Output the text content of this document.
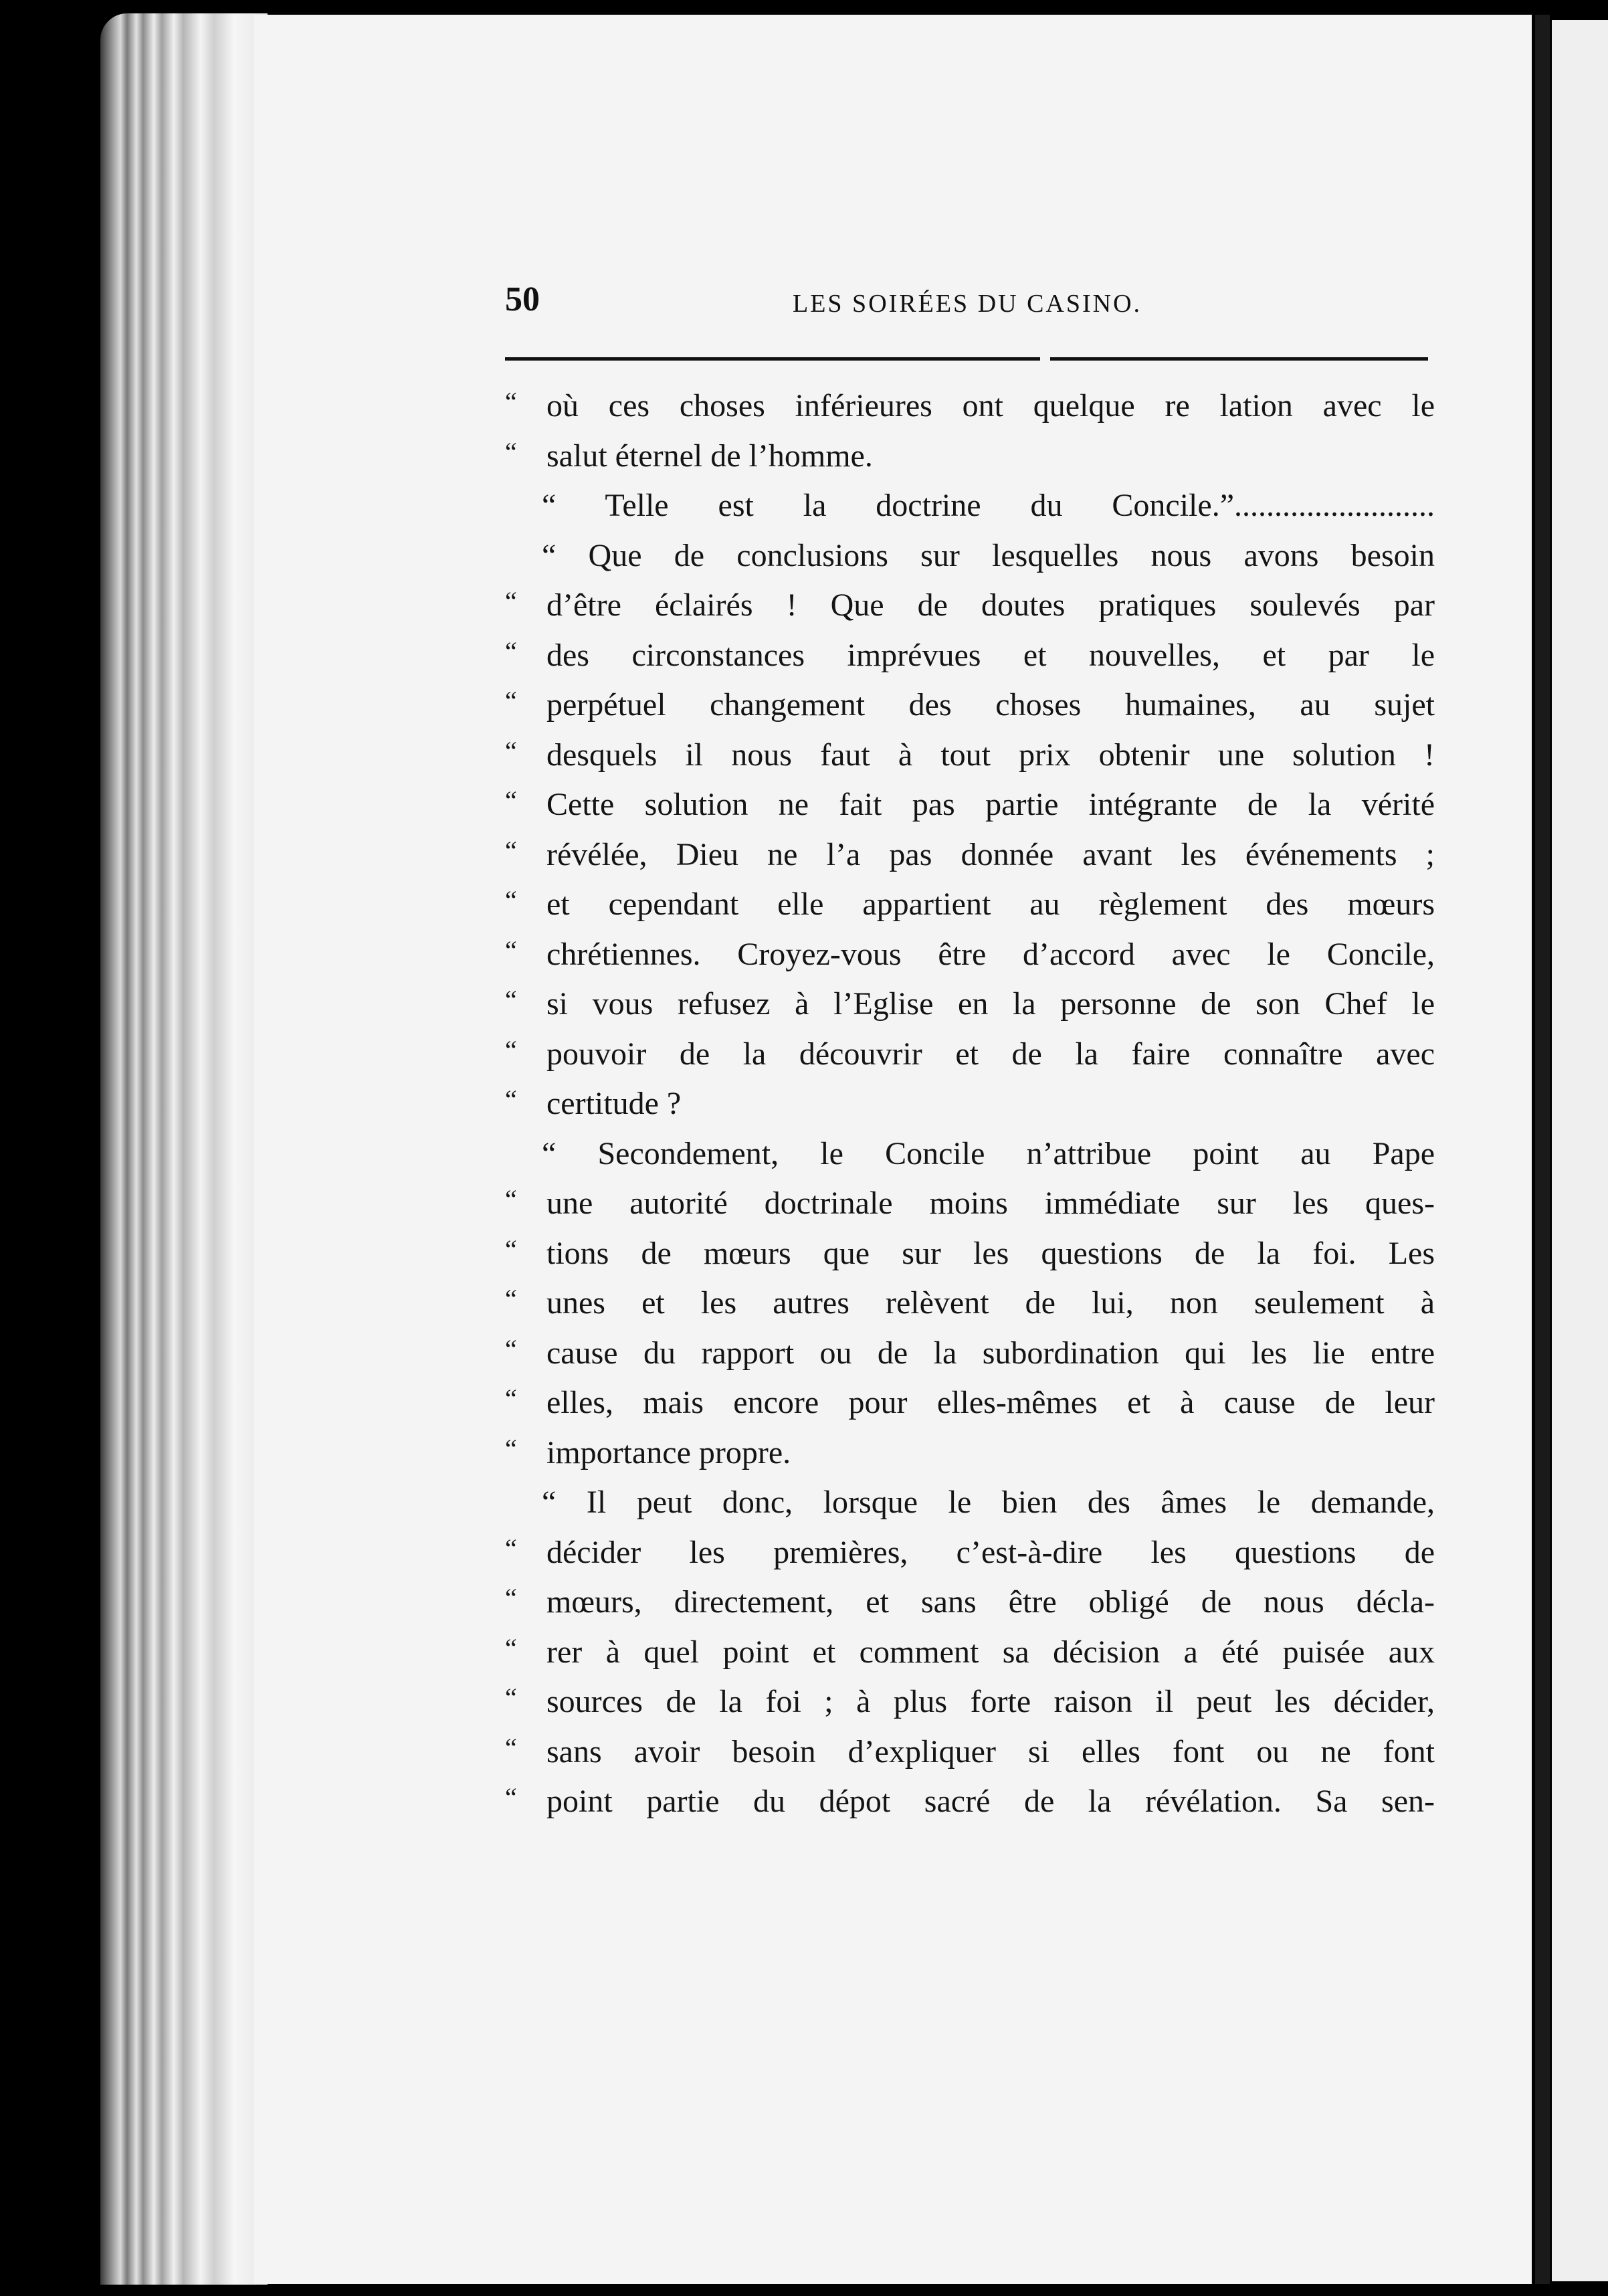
50	LES SOIRÉES DU CASINO.
“ où ces choses inférieures ont quelque re lation avec le
“ salut éternel de l’homme.
“ Telle est la doctrine du Concile.”.........................
“ Que de conclusions sur lesquelles nous avons besoin
“ d’être éclairés ! Que de doutes pratiques soulevés par
“ des circonstances imprévues et nouvelles, et par le
“ perpétuel changement des choses humaines, au sujet
“ desquels il nous faut à tout prix obtenir une solution !
“ Cette solution ne fait pas partie intégrante de la vérité
“ révélée, Dieu ne l’a pas donnée avant les événements ;
“ et cependant elle appartient au règlement des mœurs
“ chrétiennes. Croyez-vous être d’accord avec le Concile,
“ si vous refusez à l’Eglise en la personne de son Chef le
“ pouvoir de la découvrir et de la faire connaître avec
“ certitude ?
“ Secondement, le Concile n’attribue point au Pape
“ une autorité doctrinale moins immédiate sur les ques-
“ tions de mœurs que sur les questions de la foi. Les
“ unes et les autres relèvent de lui, non seulement à
“ cause du rapport ou de la subordination qui les lie entre
“ elles, mais encore pour elles-mêmes et à cause de leur
“ importance propre.
“ Il peut donc, lorsque le bien des âmes le demande,
“ décider les premières, c’est-à-dire les questions de
“ mœurs, directement, et sans être obligé de nous décla-
“ rer à quel point et comment sa décision a été puisée aux
“ sources de la foi ; à plus forte raison il peut les décider,
“ sans avoir besoin d’expliquer si elles font ou ne font
“ point partie du dépot sacré de la révélation. Sa sen-
